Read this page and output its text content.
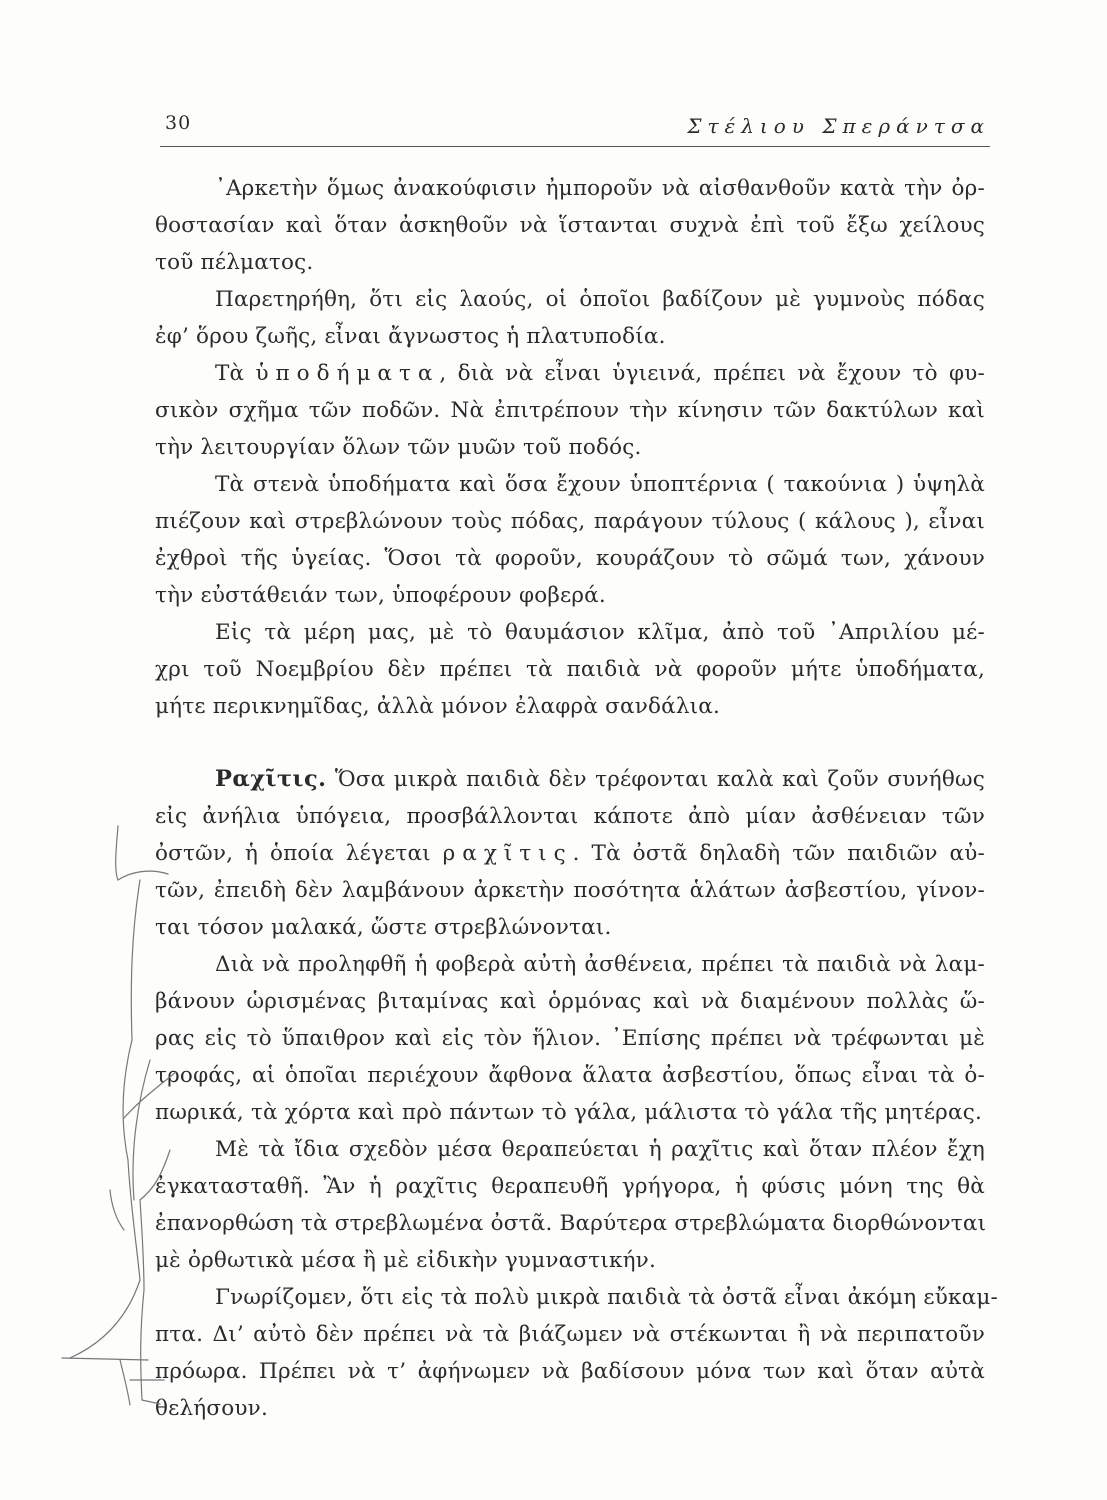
30	Στέλιου Σπεράντσα
᾿Αρκετὴν ὅμως ἀνακούφισιν ἠμποροῦν νὰ αἰσθανθοῦν κατὰ τὴν ὀρ-
θοστασίαν καὶ ὅταν ἀσκηθοῦν νὰ ἵστανται συχνὰ ἐπὶ τοῦ ἔξω χείλους
τοῦ πέλματος.
Παρετηρήθη, ὅτι εἰς λαούς, οἱ ὁποῖοι βαδίζουν μὲ γυμνοὺς πόδας
ἐφ’ ὅρου ζωῆς, εἶναι ἄγνωστος ἡ πλατυποδία.
Τὰ ὑποδήματα, διὰ νὰ εἶναι ὑγιεινά, πρέπει νὰ ἔχουν τὸ φυ-
σικὸν σχῆμα τῶν ποδῶν. Νὰ ἐπιτρέπουν τὴν κίνησιν τῶν δακτύλων καὶ
τὴν λειτουργίαν ὅλων τῶν μυῶν τοῦ ποδός.
Τὰ στενὰ ὑποδήματα καὶ ὅσα ἔχουν ὑποπτέρνια ( τακούνια ) ὑψηλὰ
πιέζουν καὶ στρεβλώνουν τοὺς πόδας, παράγουν τύλους ( κάλους ), εἶναι
ἐχθροὶ τῆς ὑγείας. Ὅσοι τὰ φοροῦν, κουράζουν τὸ σῶμά των, χάνουν
τὴν εὐστάθειάν των, ὑποφέρουν φοβερά.
Εἰς τὰ μέρη μας, μὲ τὸ θαυμάσιον κλῖμα, ἀπὸ τοῦ ᾿Απριλίου μέ-
χρι τοῦ Νοεμβρίου δὲν πρέπει τὰ παιδιὰ νὰ φοροῦν μήτε ὑποδήματα,
μήτε περικνημῖδας, ἀλλὰ μόνον ἐλαφρὰ σανδάλια.
Ραχῖτις. Ὅσα μικρὰ παιδιὰ δὲν τρέφονται καλὰ καὶ ζοῦν συνήθως
εἰς ἀνήλια ὑπόγεια, προσβάλλονται κάποτε ἀπὸ μίαν ἀσθένειαν τῶν
ὀστῶν, ἡ ὁποία λέγεται ραχῖτις. Τὰ ὀστᾶ δηλαδὴ τῶν παιδιῶν αὐ-
τῶν, ἐπειδὴ δὲν λαμβάνουν ἀρκετὴν ποσότητα ἁλάτων ἀσβεστίου, γίνον-
ται τόσον μαλακά, ὥστε στρεβλώνονται.
Διὰ νὰ προληφθῆ ἡ φοβερὰ αὐτὴ ἀσθένεια, πρέπει τὰ παιδιὰ νὰ λαμ-
βάνουν ὡρισμένας βιταμίνας καὶ ὁρμόνας καὶ νὰ διαμένουν πολλὰς ὥ-
ρας εἰς τὸ ὕπαιθρον καὶ εἰς τὸν ἥλιον. ᾿Επίσης πρέπει νὰ τρέφωνται μὲ
τροφάς, αἱ ὁποῖαι περιέχουν ἄφθονα ἅλατα ἀσβεστίου, ὅπως εἶναι τὰ ὀ-
πωρικά, τὰ χόρτα καὶ πρὸ πάντων τὸ γάλα, μάλιστα τὸ γάλα τῆς μητέρας.
Μὲ τὰ ἴδια σχεδὸν μέσα θεραπεύεται ἡ ραχῖτις καὶ ὅταν πλέον ἔχη
ἐγκατασταθῆ. Ἂν ἡ ραχῖτις θεραπευθῆ γρήγορα, ἡ φύσις μόνη της θὰ
ἐπανορθώση τὰ στρεβλωμένα ὀστᾶ. Βαρύτερα στρεβλώματα διορθώνονται
μὲ ὀρθωτικὰ μέσα ἢ μὲ εἰδικὴν γυμναστικήν.
Γνωρίζομεν, ὅτι εἰς τὰ πολὺ μικρὰ παιδιὰ τὰ ὀστᾶ εἶναι ἀκόμη εὔκαμ-
πτα. Δι’ αὐτὸ δὲν πρέπει νὰ τὰ βιάζωμεν νὰ στέκωνται ἢ νὰ περιπατοῦν
πρόωρα. Πρέπει νὰ τ’ ἀφήνωμεν νὰ βαδίσουν μόνα των καὶ ὅταν αὐτὰ
θελήσουν.
